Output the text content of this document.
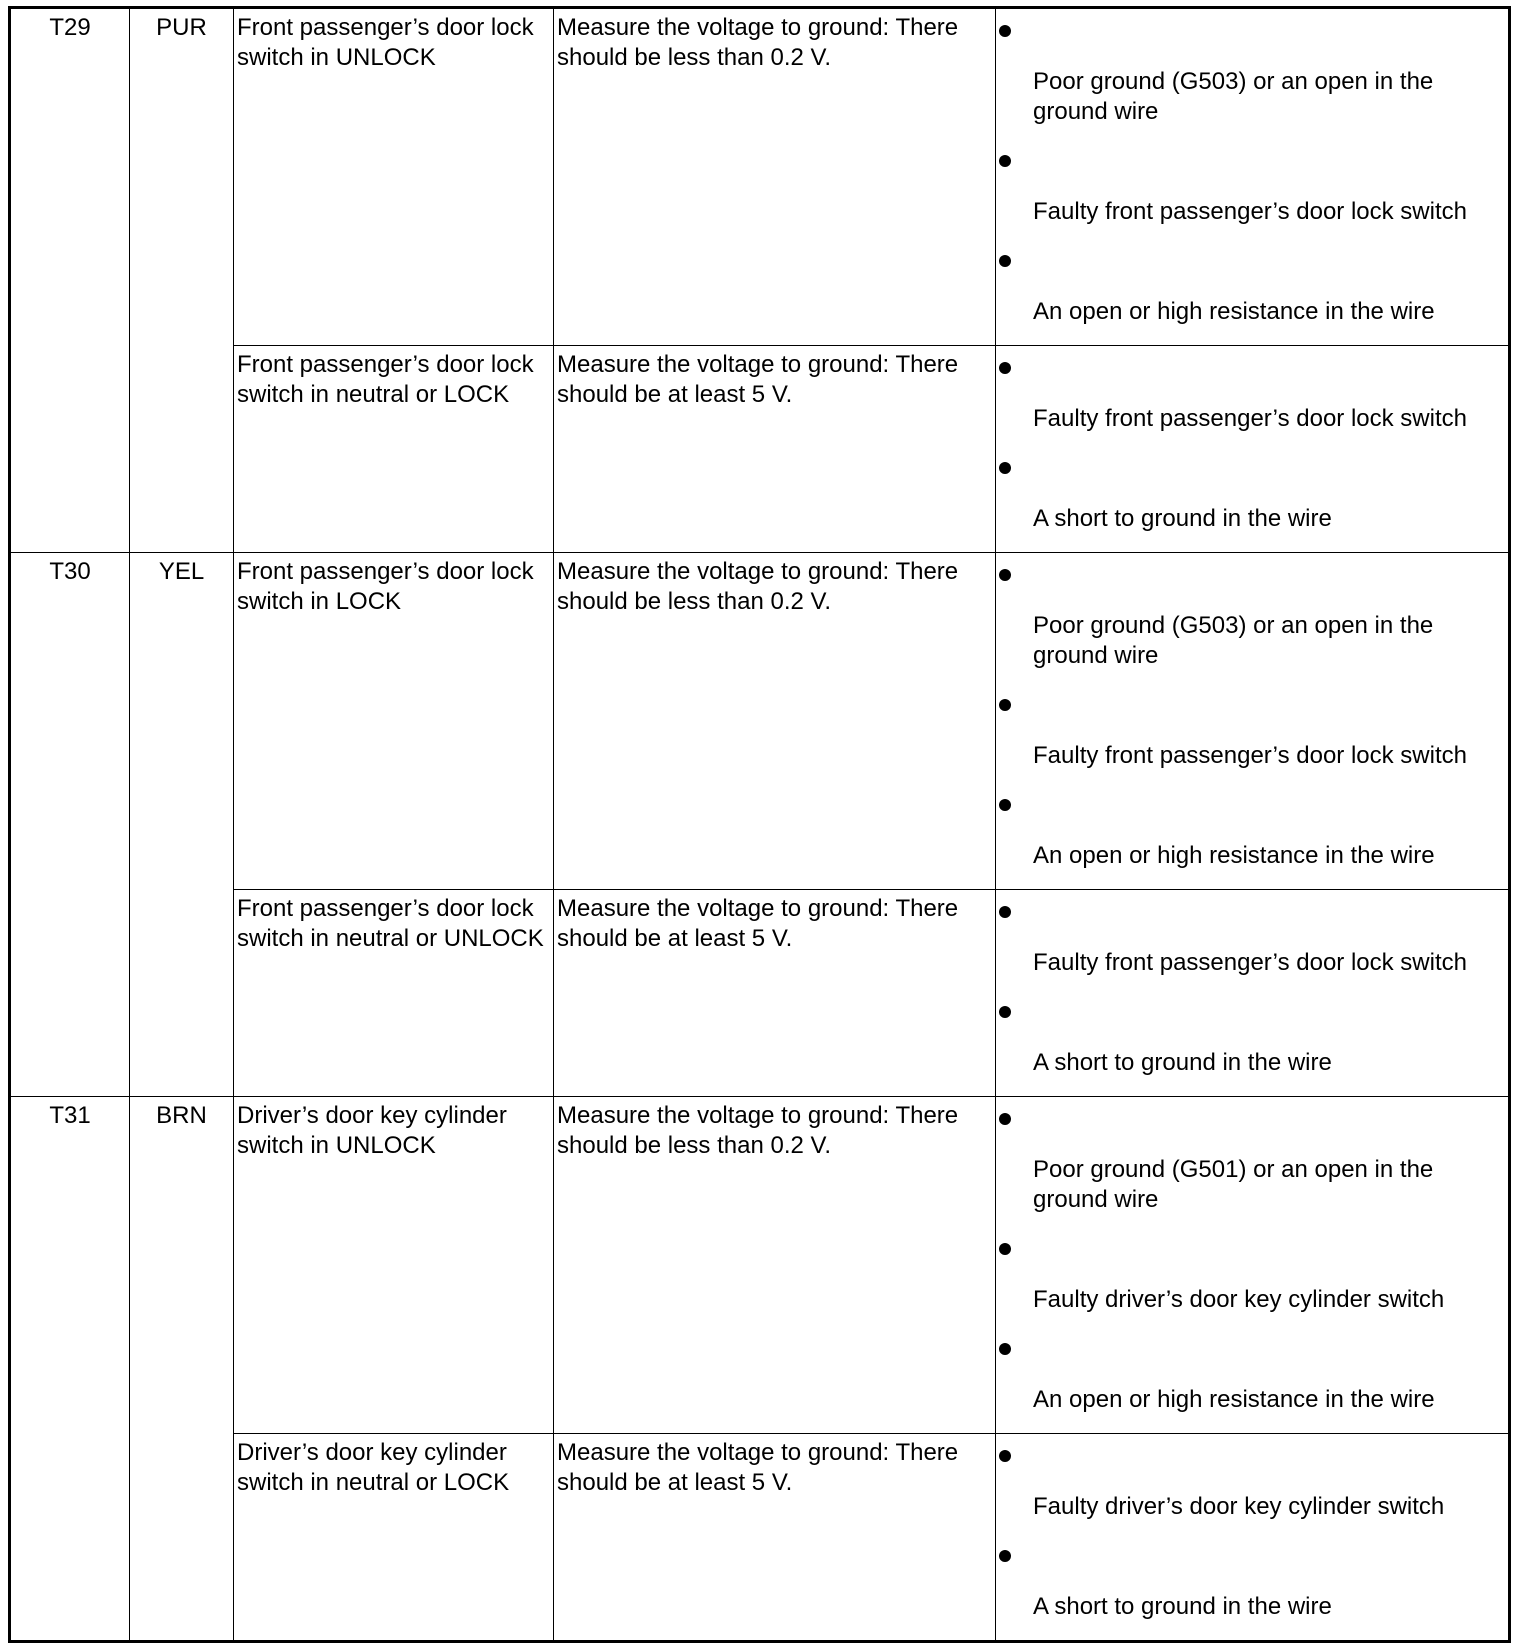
T29	PUR	Front passenger’s door lock switch in UNLOCK	Measure the voltage to ground: There should be less than 0.2 V.	Poor ground (G503) or an open in the ground wire
Faulty front passenger’s door lock switch
An open or high resistance in the wire

		Front passenger’s door lock switch in neutral or LOCK	Measure the voltage to ground: There should be at least 5 V.	Faulty front passenger’s door lock switch
A short to ground in the wire

T30	YEL	Front passenger’s door lock switch in LOCK	Measure the voltage to ground: There should be less than 0.2 V.	Poor ground (G503) or an open in the ground wire
Faulty front passenger’s door lock switch
An open or high resistance in the wire

		Front passenger’s door lock switch in neutral or UNLOCK	Measure the voltage to ground: There should be at least 5 V.	Faulty front passenger’s door lock switch
A short to ground in the wire

T31	BRN	Driver’s door key cylinder switch in UNLOCK	Measure the voltage to ground: There should be less than 0.2 V.	Poor ground (G501) or an open in the ground wire
Faulty driver’s door key cylinder switch
An open or high resistance in the wire

		Driver’s door key cylinder switch in neutral or LOCK	Measure the voltage to ground: There should be at least 5 V.	Faulty driver’s door key cylinder switch
A short to ground in the wire
